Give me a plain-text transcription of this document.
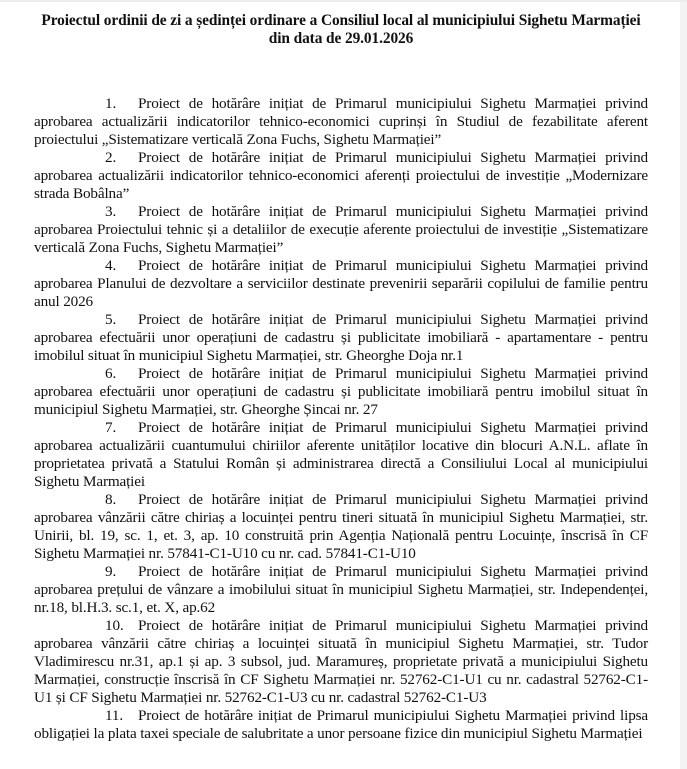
Proiectul ordinii de zi a ședinței ordinare a Consiliul local al municipiului Sighetu Marmației din data de 29.01.2026
1. Proiect de hotărâre inițiat de Primarul municipiului Sighetu Marmației privind aprobarea actualizării indicatorilor tehnico-economici cuprinși în Studiul de fezabilitate aferent proiectului „Sistematizare verticală Zona Fuchs, Sighetu Marmației”
2. Proiect de hotărâre inițiat de Primarul municipiului Sighetu Marmației privind aprobarea actualizării indicatorilor tehnico-economici aferenți proiectului de investiție „Modernizare strada Bobâlna”
3. Proiect de hotărâre inițiat de Primarul municipiului Sighetu Marmației privind aprobarea Proiectului tehnic și a detaliilor de execuție aferente proiectului de investiție „Sistematizare verticală Zona Fuchs, Sighetu Marmației”
4. Proiect de hotărâre inițiat de Primarul municipiului Sighetu Marmației privind aprobarea Planului de dezvoltare a serviciilor destinate prevenirii separării copilului de familie pentru anul 2026
5. Proiect de hotărâre inițiat de Primarul municipiului Sighetu Marmației privind aprobarea efectuării unor operațiuni de cadastru și publicitate imobiliară - apartamentare - pentru imobilul situat în municipiul Sighetu Marmației, str. Gheorghe Doja nr.1
6. Proiect de hotărâre inițiat de Primarul municipiului Sighetu Marmației privind aprobarea efectuării unor operațiuni de cadastru și publicitate imobiliară pentru imobilul situat în municipiul Sighetu Marmației, str. Gheorghe Șincai nr. 27
7. Proiect de hotărâre inițiat de Primarul municipiului Sighetu Marmației privind aprobarea actualizării cuantumului chiriilor aferente unităților locative din blocuri A.N.L. aflate în proprietatea privată a Statului Român și administrarea directă a Consiliului Local al municipiului Sighetu Marmației
8. Proiect de hotărâre inițiat de Primarul municipiului Sighetu Marmației privind aprobarea vânzării către chiriaș a locuinței pentru tineri situată în municipiul Sighetu Marmației, str. Unirii, bl. 19, sc. 1, et. 3, ap. 10 construită prin Agenția Națională pentru Locuințe, înscrisă în CF Sighetu Marmației nr. 57841-C1-U10 cu nr. cad. 57841-C1-U10
9. Proiect de hotărâre inițiat de Primarul municipiului Sighetu Marmației privind aprobarea prețului de vânzare a imobilului situat în municipiul Sighetu Marmației, str. Independenței, nr.18, bl.H.3. sc.1, et. X, ap.62
10. Proiect de hotărâre inițiat de Primarul municipiului Sighetu Marmației privind aprobarea vânzării către chiriaș a locuinței situată în municipiul Sighetu Marmației, str. Tudor Vladimirescu nr.31, ap.1 și ap. 3 subsol, jud. Maramureș, proprietate privată a municipiului Sighetu Marmației, construcție înscrisă în CF Sighetu Marmației nr. 52762-C1-U1 cu nr. cadastral 52762-C1-U1 și CF Sighetu Marmației nr. 52762-C1-U3 cu nr. cadastral 52762-C1-U3
11. Proiect de hotărâre inițiat de Primarul municipiului Sighetu Marmației privind lipsa obligației la plata taxei speciale de salubritate a unor persoane fizice din municipiul Sighetu Marmației
